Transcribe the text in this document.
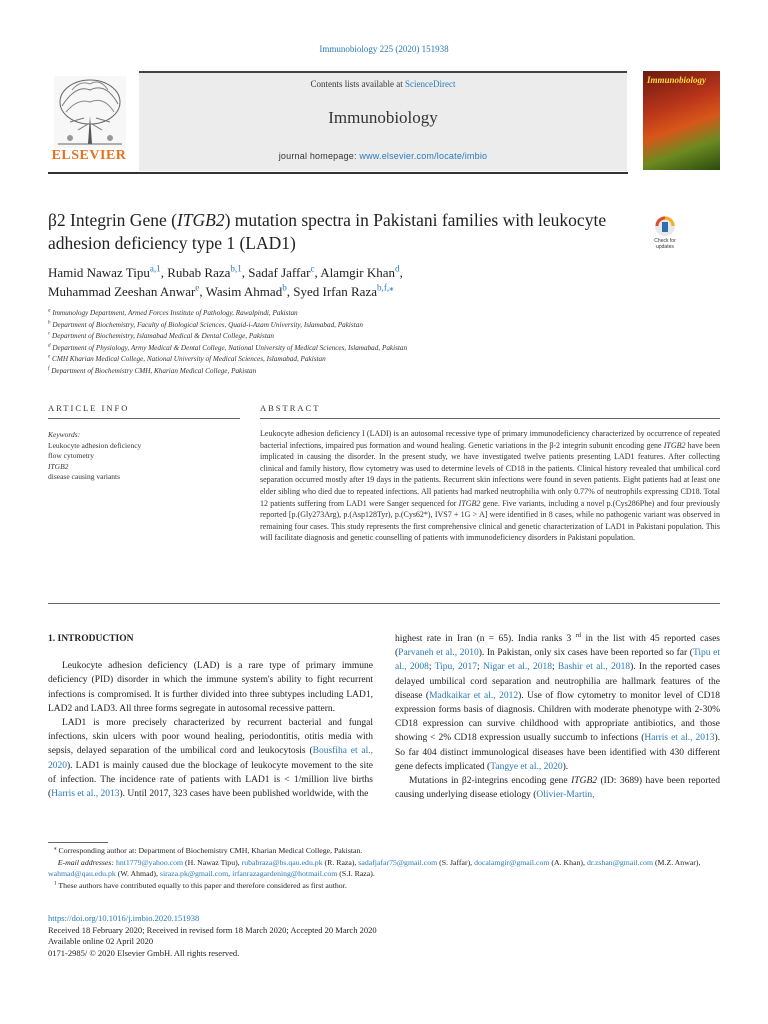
Immunobiology 225 (2020) 151938
Contents lists available at ScienceDirect
Immunobiology
journal homepage: www.elsevier.com/locate/imbio
ELSEVIER
Immunobiology
β2 Integrin Gene (ITGB2) mutation spectra in Pakistani families with leukocyte adhesion deficiency type 1 (LAD1)	Check for
updates
Hamid Nawaz Tipu$^{a,1}$, Rubab Raza$^{b,1}$, Sadaf Jaffar$^c$, Alamgir Khan$^d$,
Muhammad Zeeshan Anwar$^e$, Wasim Ahmad$^b$, Syed Irfan Raza$^{b,f,⁎}$
$^a$ Immunology Department, Armed Forces Institute of Pathology, Rawalpindi, Pakistan
$^b$ Department of Biochemistry, Faculty of Biological Sciences, Quaid-i-Azam University, Islamabad, Pakistan
$^c$ Department of Biochemistry, Islamabad Medical & Dental College, Pakistan
$^d$ Department of Physiology, Army Medical & Dental College, National University of Medical Sciences, Islamabad, Pakistan
$^e$ CMH Kharian Medical College, National University of Medical Sciences, Islamabad, Pakistan
$^f$ Department of Biochemistry CMH, Kharian Medical College, Pakistan
ARTICLE INFO	ABSTRACT
Keywords:
Leukocyte adhesion deficiency
flow cytometry
ITGB2
disease causing variants
Leukocyte adhesion deficiency I (LADI) is an autosomal recessive type of primary immunodeficiency characterized by occurrence of repeated bacterial infections, impaired pus formation and wound healing. Genetic variations in the β-2 integrin subunit encoding gene ITGB2 have been implicated in causing the disorder. In the present study, we have investigated twelve patients presenting LAD1 features. After collecting clinical and family history, flow cytometry was used to determine levels of CD18 in the patients. Clinical history revealed that umbilical cord separation occurred mostly after 19 days in the patients. Recurrent skin infections were found in seven patients. Eight patients had at least one elder sibling who died due to repeated infections. All patients had marked neutrophilia with only 0.77% of neutrophils expressing CD18. Total 12 patients suffering from LAD1 were Sanger sequenced for ITGB2 gene. Five variants, including a novel p.(Cys286Phe) and four previously reported [p.(Gly273Arg), p.(Asp128Tyr), p.(Cys62*), IVS7 + 1G > A] were identified in 8 cases, while no pathogenic variant was observed in remaining four cases. This study represents the first comprehensive clinical and genetic characterization of LAD1 in Pakistani population. This will facilitate diagnosis and genetic counselling of patients with immunodeficiency disorders in Pakistani population.

1. INTRODUCTION

Leukocyte adhesion deficiency (LAD) is a rare type of primary immune deficiency (PID) disorder in which the immune system's ability to fight recurrent infections is compromised. It is further divided into three subtypes including LAD1, LAD2 and LAD3. All three forms segregate in autosomal recessive pattern.

LAD1 is more precisely characterized by recurrent bacterial and fungal infections, skin ulcers with poor wound healing, periodontitis, otitis media with sepsis, delayed separation of the umbilical cord and leukocytosis (Bousfiha et al., 2020). LAD1 is mainly caused due the blockage of leukocyte movement to the site of infection. The incidence rate of patients with LAD1 is < 1/million live births (Harris et al., 2013). Until 2017, 323 cases have been published worldwide, with the

highest rate in Iran (n = 65). India ranks 3 $^{rd}$ in the list with 45 reported cases (Parvaneh et al., 2010). In Pakistan, only six cases have been reported so far (Tipu et al., 2008; Tipu, 2017; Nigar et al., 2018; Bashir et al., 2018). In the reported cases delayed umbilical cord separation and neutrophilia are hallmark features of the disease (Madkaikar et al., 2012). Use of flow cytometry to monitor level of CD18 expression forms basis of diagnosis. Children with moderate phenotype with 2-30% CD18 expression can survive childhood with appropriate antibiotics, and those showing < 2% CD18 expression usually succumb to infections (Harris et al., 2013). So far 404 distinct immunological diseases have been identified with 430 different gene defects implicated (Tangye et al., 2020).

Mutations in β2-integrins encoding gene ITGB2 (ID: 3689) have been reported causing underlying disease etiology (Olivier-Martin,

⁎ Corresponding author at: Department of Biochemistry CMH, Kharian Medical College, Pakistan.

E-mail addresses: hnt1779@yahoo.com (H. Nawaz Tipu), rubabraza@bs.qau.edu.pk (R. Raza), sadafjafar75@gmail.com (S. Jaffar), docalamgir@gmail.com (A. Khan), dr.zshan@gmail.com (M.Z. Anwar), wahmad@qau.edu.pk (W. Ahmad), siraza.pk@gmail.com, irfanrazagardening@hotmail.com (S.I. Raza).

$^1$ These authors have contributed equally to this paper and therefore considered as first author.

https://doi.org/10.1016/j.imbio.2020.151938

Received 18 February 2020; Received in revised form 18 March 2020; Accepted 20 March 2020

Available online 02 April 2020

0171-2985/ © 2020 Elsevier GmbH. All rights reserved.
